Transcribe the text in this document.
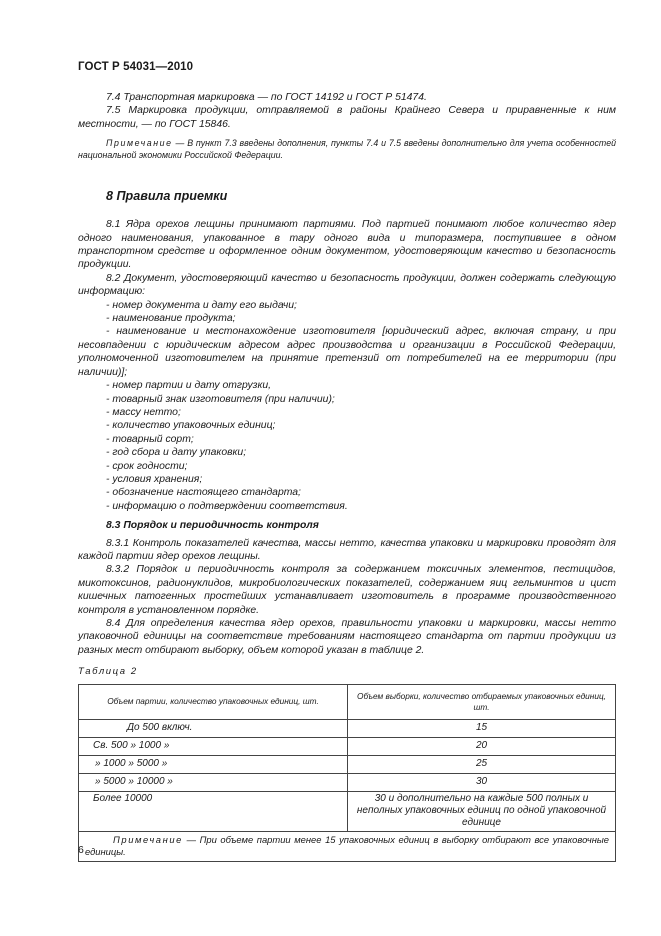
ГОСТ Р 54031—2010

7.4 Транспортная маркировка — по ГОСТ 14192 и ГОСТ Р 51474.

7.5 Маркировка продукции, отправляемой в районы Крайнего Севера и приравненные к ним местности, — по ГОСТ 15846.

Примечание — В пункт 7.3 введены дополнения, пункты 7.4 и 7.5 введены дополнительно для учета особенностей национальной экономики Российской Федерации.

8 Правила приемки

8.1 Ядра орехов лещины принимают партиями. Под партией понимают любое количество ядер одного наименования, упакованное в тару одного вида и типоразмера, поступившее в одном транспортном средстве и оформленное одним документом, удостоверяющим качество и безопасность продукции.

8.2 Документ, удостоверяющий качество и безопасность продукции, должен содержать следующую информацию:

- номер документа и дату его выдачи;

- наименование продукта;

- наименование и местонахождение изготовителя [юридический адрес, включая страну, и при несовпадении с юридическим адресом адрес производства и организации в Российской Федерации, уполномоченной изготовителем на принятие претензий от потребителей на ее территории (при наличии)];

- номер партии и дату отгрузки,

- товарный знак изготовителя (при наличии);

- массу нетто;

- количество упаковочных единиц;

- товарный сорт;

- год сбора и дату упаковки;

- срок годности;

- условия хранения;

- обозначение настоящего стандарта;

- информацию о подтверждении соответствия.

8.3 Порядок и периодичность контроля

8.3.1 Контроль показателей качества, массы нетто, качества упаковки и маркировки проводят для каждой партии ядер орехов лещины.

8.3.2 Порядок и периодичность контроля за содержанием токсичных элементов, пестицидов, микотоксинов, радионуклидов, микробиологических показателей, содержанием яиц гельминтов и цист кишечных патогенных простейших устанавливает изготовитель в программе производственного контроля в установленном порядке.

8.4 Для определения качества ядер орехов, правильности упаковки и маркировки, массы нетто упаковочной единицы на соответствие требованиям настоящего стандарта от партии продукции из разных мест отбирают выборку, объем которой указан в таблице 2.

Таблица 2

Объем партии, количество упаковочных единиц, шт.	Объем выборки, количество отбираемых упаковочных единиц, шт.
Дo 500 включ.	15
Св. 500 » 1000 »	20
» 1000 » 5000 »	25
» 5000 » 10000 »	30
Более 10000	30 и дополнительно на каждые 500 полных и неполных упаковочных единиц по одной упаковочной единице
Примечание — При объеме партии менее 15 упаковочных единиц в выборку отбирают все упаковочные единицы.	
6
